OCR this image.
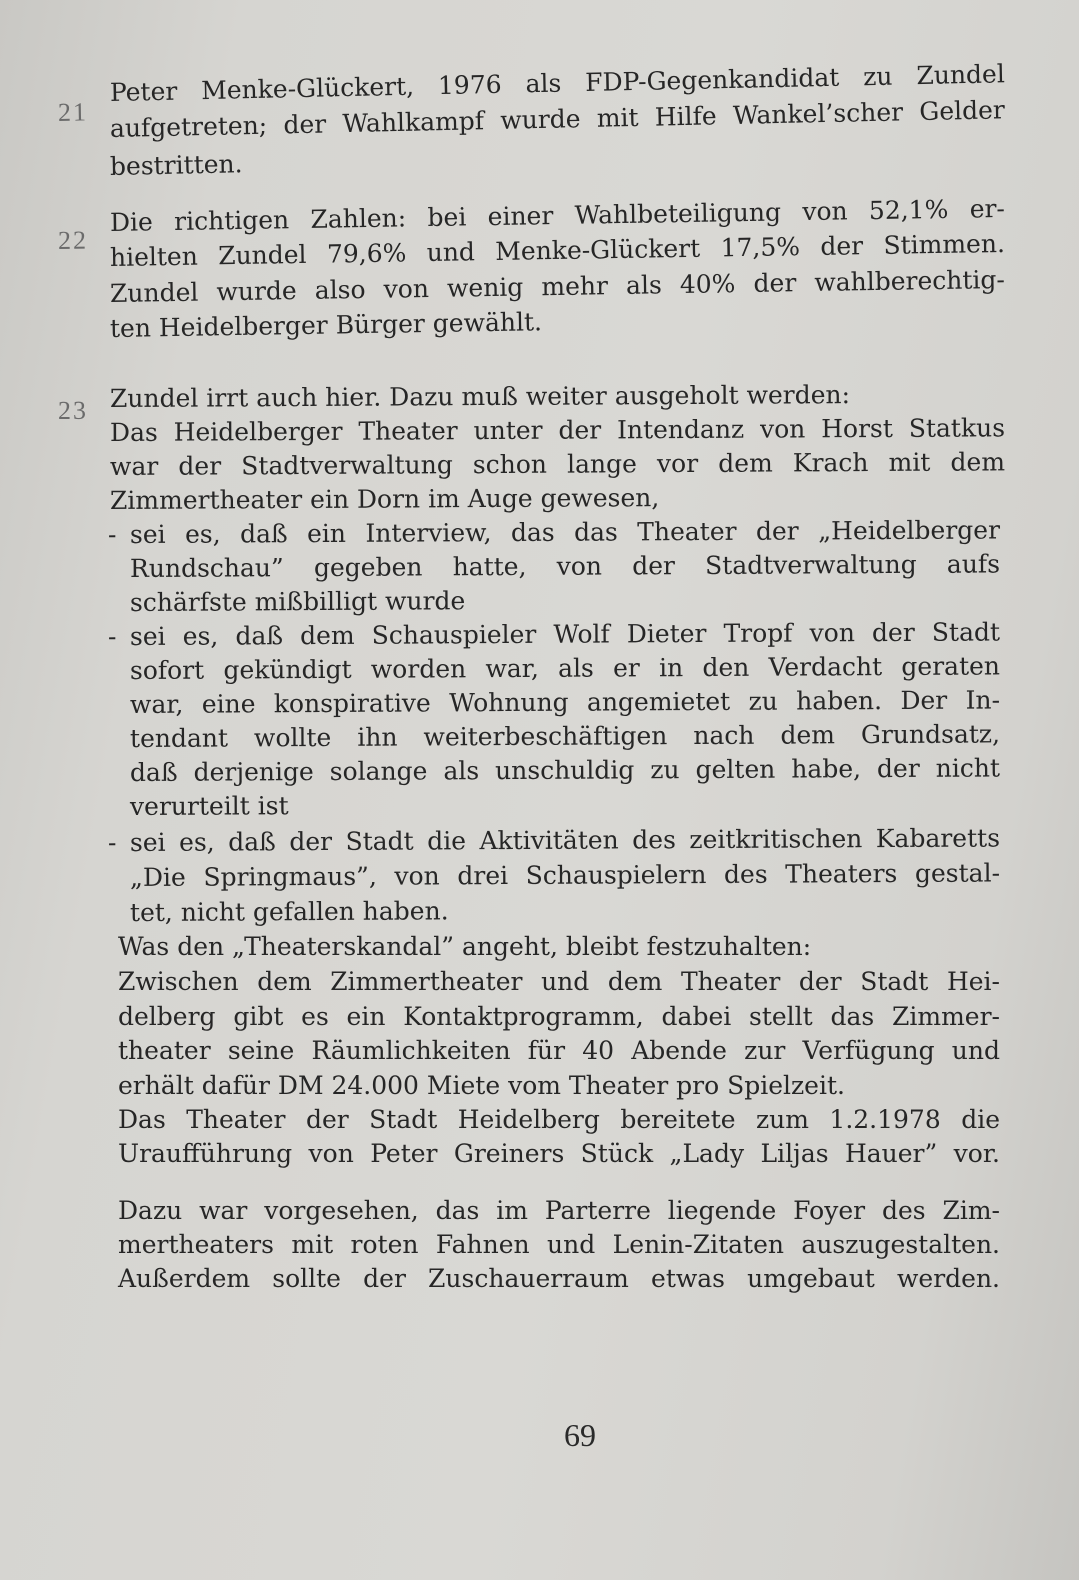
21
Peter Menke-Glückert, 1976 als FDP-Gegenkandidat zu Zundel
aufgetreten; der Wahlkampf wurde mit Hilfe Wankel’scher Gelder
bestritten.
22
Die richtigen Zahlen: bei einer Wahlbeteiligung von 52,1% er-
hielten Zundel 79,6% und Menke-Glückert 17,5% der Stimmen.
Zundel wurde also von wenig mehr als 40% der wahlberechtig-
ten Heidelberger Bürger gewählt.
23 Zundel irrt auch hier. Dazu muß weiter ausgeholt werden:
Das Heidelberger Theater unter der Intendanz von Horst Statkus
war der Stadtverwaltung schon lange vor dem Krach mit dem
Zimmertheater ein Dorn im Auge gewesen,
- sei es, daß ein Interview, das das Theater der „Heidelberger
Rundschau” gegeben hatte, von der Stadtverwaltung aufs
schärfste mißbilligt wurde
- sei es, daß dem Schauspieler Wolf Dieter Tropf von der Stadt
sofort gekündigt worden war, als er in den Verdacht geraten
war, eine konspirative Wohnung angemietet zu haben. Der In-
tendant wollte ihn weiterbeschäftigen nach dem Grundsatz,
daß derjenige solange als unschuldig zu gelten habe, der nicht
verurteilt ist
- sei es, daß der Stadt die Aktivitäten des zeitkritischen Kabaretts
„Die Springmaus”, von drei Schauspielern des Theaters gestal-
tet, nicht gefallen haben.
Was den „Theaterskandal” angeht, bleibt festzuhalten:
Zwischen dem Zimmertheater und dem Theater der Stadt Hei-
delberg gibt es ein Kontaktprogramm, dabei stellt das Zimmer-
theater seine Räumlichkeiten für 40 Abende zur Verfügung und
erhält dafür DM 24.000 Miete vom Theater pro Spielzeit.
Das Theater der Stadt Heidelberg bereitete zum 1.2.1978 die
Uraufführung von Peter Greiners Stück „Lady Liljas Hauer” vor.
Dazu war vorgesehen, das im Parterre liegende Foyer des Zim-
mertheaters mit roten Fahnen und Lenin-Zitaten auszugestalten.
Außerdem sollte der Zuschauerraum etwas umgebaut werden.
69
